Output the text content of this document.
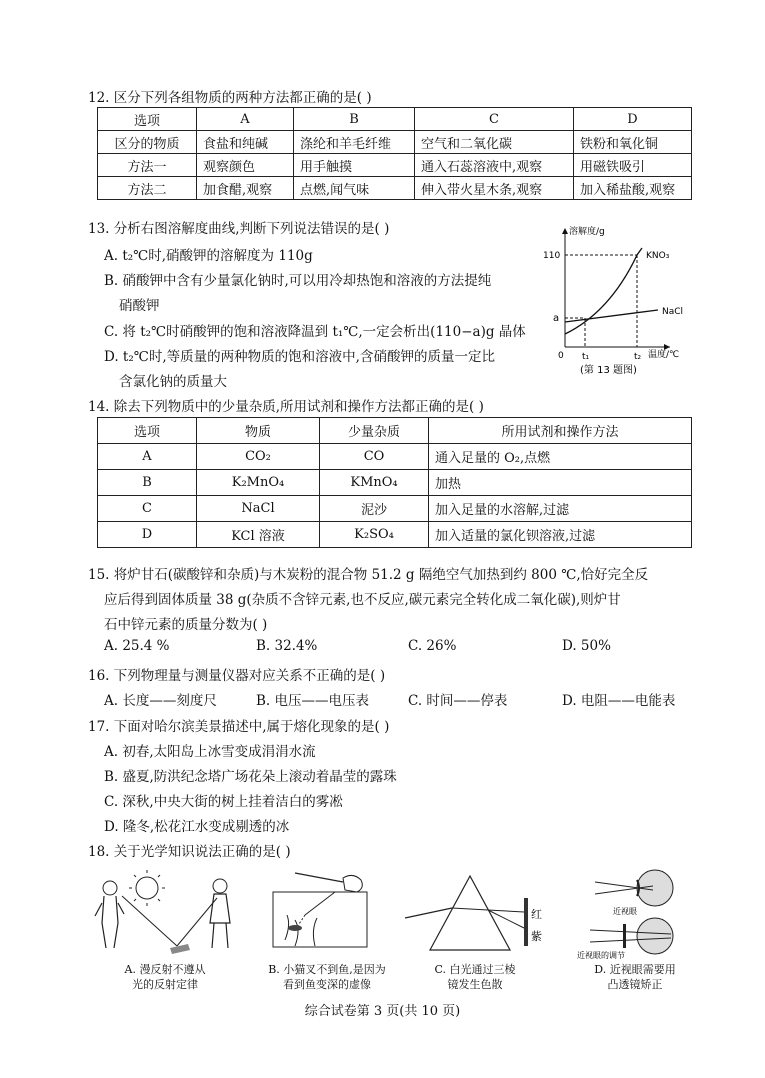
12. 区分下列各组物质的两种方法都正确的是( )
选项	A	B	C	D
区分的物质	食盐和纯碱	涤纶和羊毛纤维	空气和二氧化碳	铁粉和氧化铜
方法一	观察颜色	用手触摸	通入石蕊溶液中,观察	用磁铁吸引
方法二	加食醋,观察	点燃,闻气味	伸入带火星木条,观察	加入稀盐酸,观察
13. 分析右图溶解度曲线,判断下列说法错误的是( )
A. t₂℃时,硝酸钾的溶解度为 110g
B. 硝酸钾中含有少量氯化钠时,可以用冷却热饱和溶液的方法提纯
硝酸钾
C. 将 t₂℃时硝酸钾的饱和溶液降温到 t₁℃,一定会析出(110−a)g 晶体
D. t₂℃时,等质量的两种物质的饱和溶液中,含硝酸钾的质量一定比
含氯化钠的质量大
溶解度/g
温度/℃
0
110
a
t₁	t₂
KNO₃
NaCl
(第 13 题图)
14. 除去下列物质中的少量杂质,所用试剂和操作方法都正确的是( )
选项	物质	少量杂质	所用试剂和操作方法
A	CO₂	CO	通入足量的 O₂,点燃
B	K₂MnO₄	KMnO₄	加热
C	NaCl	泥沙	加入足量的水溶解,过滤
D	KCl 溶液	K₂SO₄	加入适量的氯化钡溶液,过滤
15. 将炉甘石(碳酸锌和杂质)与木炭粉的混合物 51.2 g 隔绝空气加热到约 800 ℃,恰好完全反
应后得到固体质量 38 g(杂质不含锌元素,也不反应,碳元素完全转化成二氧化碳),则炉甘
石中锌元素的质量分数为( )
A. 25.4 %	B. 32.4%	C. 26%	D. 50%
16. 下列物理量与测量仪器对应关系不正确的是( )
A. 长度——刻度尺	B. 电压——电压表	C. 时间——停表	D. 电阻——电能表
17. 下面对哈尔滨美景描述中,属于熔化现象的是( )
A. 初春,太阳岛上冰雪变成涓涓水流
B. 盛夏,防洪纪念塔广场花朵上滚动着晶莹的露珠
C. 深秋,中央大街的树上挂着洁白的雾凇
D. 隆冬,松花江水变成剔透的冰
18. 关于光学知识说法正确的是( )
红
紫
近视眼
近视眼的调节
A. 漫反射不遵从
光的反射定律
B. 小猫叉不到鱼,是因为
看到鱼变深的虚像
C. 白光通过三棱
镜发生色散
D. 近视眼需要用
凸透镜矫正
综合试卷第 3 页(共 10 页)
